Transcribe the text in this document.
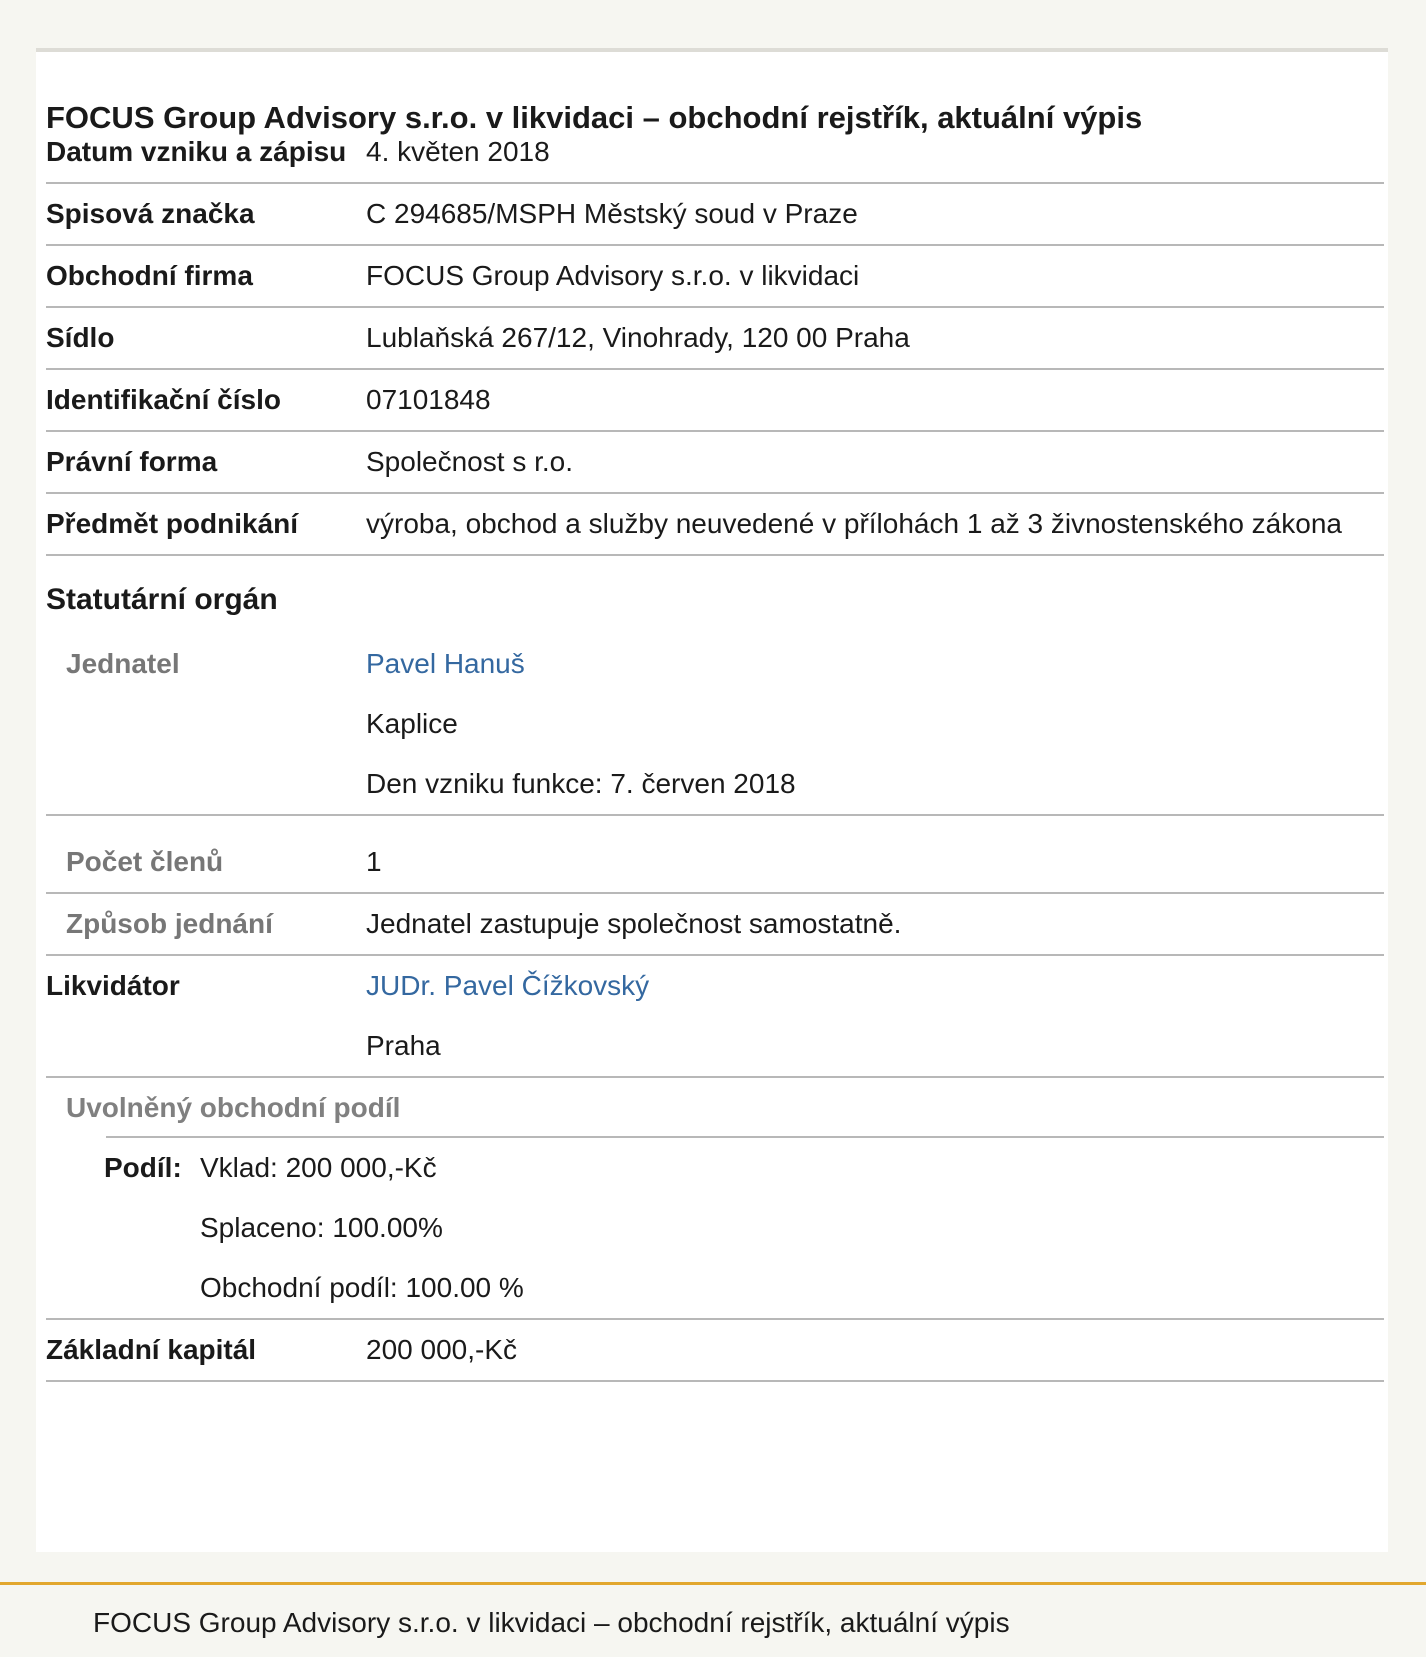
FOCUS Group Advisory s.r.o. v likvidaci – obchodní rejstřík, aktuální výpis
Datum vzniku a zápisu 4. květen 2018
Spisová značka	C 294685/MSPH Městský soud v Praze
Obchodní firma	FOCUS Group Advisory s.r.o. v likvidaci
Sídlo	Lublaňská 267/12, Vinohrady, 120 00 Praha
Identifikační číslo	07101848
Právní forma	Společnost s r.o.
Předmět podnikání	výroba, obchod a služby neuvedené v přílohách 1 až 3 živnostenského zákona
Statutární orgán
Jednatel	Pavel Hanuš
Kaplice
Den vzniku funkce: 7. červen 2018
Počet členů	1
Způsob jednání	Jednatel zastupuje společnost samostatně.
Likvidátor	JUDr. Pavel Čížkovský
Praha
Uvolněný obchodní podíl
Podíl: Vklad: 200 000,-Kč
Splaceno: 100.00%
Obchodní podíl: 100.00 %
Základní kapitál	200 000,-Kč
FOCUS Group Advisory s.r.o. v likvidaci – obchodní rejstřík, aktuální výpis
